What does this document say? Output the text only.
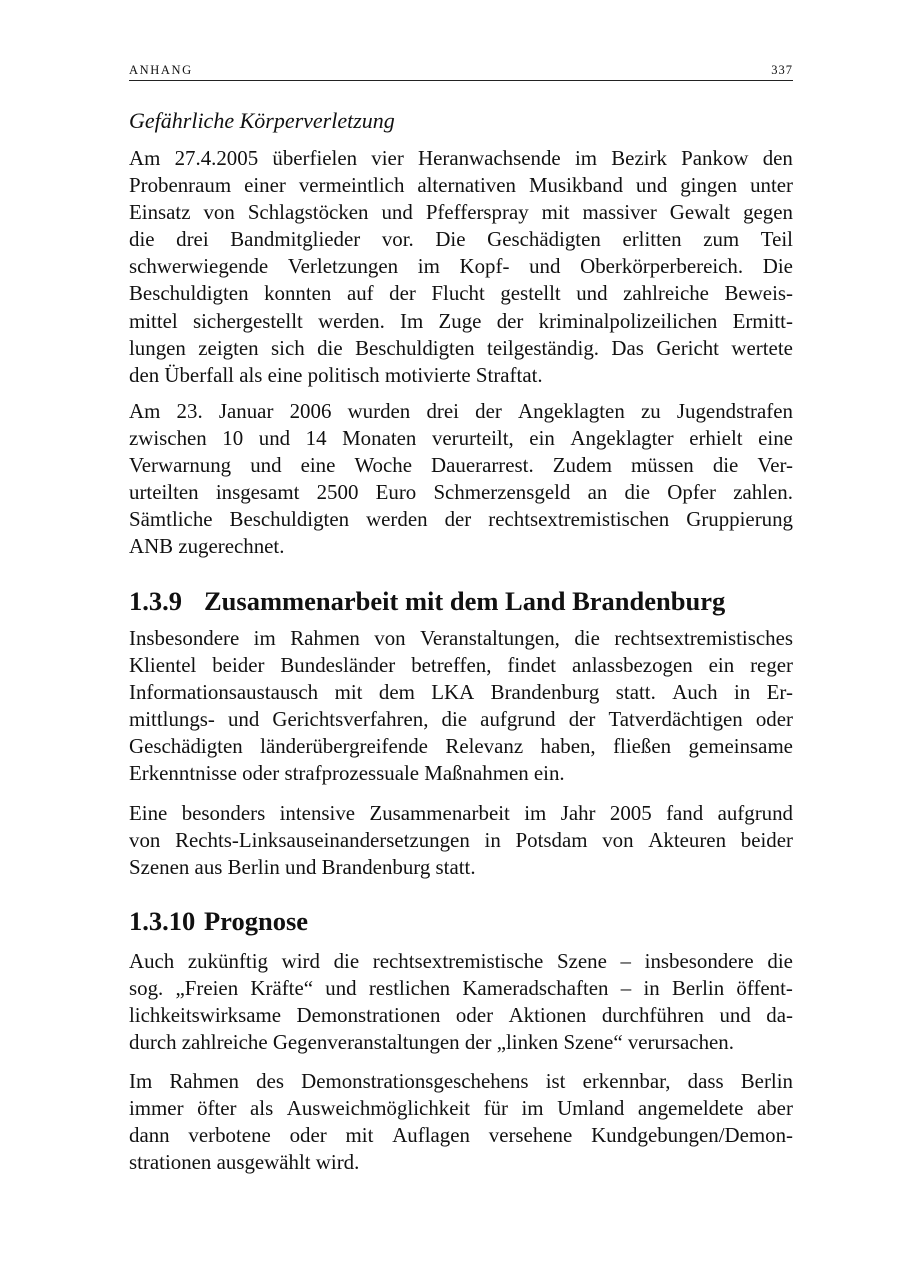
ANHANG	337
Gefährliche Körperverletzung
Am 27.4.2005 überfielen vier Heranwachsende im Bezirk Pankow den
Probenraum einer vermeintlich alternativen Musikband und gingen unter
Einsatz von Schlagstöcken und Pfefferspray mit massiver Gewalt gegen
die drei Bandmitglieder vor. Die Geschädigten erlitten zum Teil
schwerwiegende Verletzungen im Kopf- und Oberkörperbereich. Die
Beschuldigten konnten auf der Flucht gestellt und zahlreiche Beweis-
mittel sichergestellt werden. Im Zuge der kriminalpolizeilichen Ermitt-
lungen zeigten sich die Beschuldigten teilgeständig. Das Gericht wertete
den Überfall als eine politisch motivierte Straftat.
Am 23. Januar 2006 wurden drei der Angeklagten zu Jugendstrafen
zwischen 10 und 14 Monaten verurteilt, ein Angeklagter erhielt eine
Verwarnung und eine Woche Dauerarrest. Zudem müssen die Ver-
urteilten insgesamt 2500 Euro Schmerzensgeld an die Opfer zahlen.
Sämtliche Beschuldigten werden der rechtsextremistischen Gruppierung
ANB zugerechnet.
1.3.9 Zusammenarbeit mit dem Land Brandenburg
Insbesondere im Rahmen von Veranstaltungen, die rechtsextremistisches
Klientel beider Bundesländer betreffen, findet anlassbezogen ein reger
Informationsaustausch mit dem LKA Brandenburg statt. Auch in Er-
mittlungs- und Gerichtsverfahren, die aufgrund der Tatverdächtigen oder
Geschädigten länderübergreifende Relevanz haben, fließen gemeinsame
Erkenntnisse oder strafprozessuale Maßnahmen ein.
Eine besonders intensive Zusammenarbeit im Jahr 2005 fand aufgrund
von Rechts-Linksauseinandersetzungen in Potsdam von Akteuren beider
Szenen aus Berlin und Brandenburg statt.
1.3.10 Prognose
Auch zukünftig wird die rechtsextremistische Szene – insbesondere die
sog. „Freien Kräfte“ und restlichen Kameradschaften – in Berlin öffent-
lichkeitswirksame Demonstrationen oder Aktionen durchführen und da-
durch zahlreiche Gegenveranstaltungen der „linken Szene“ verursachen.
Im Rahmen des Demonstrationsgeschehens ist erkennbar, dass Berlin
immer öfter als Ausweichmöglichkeit für im Umland angemeldete aber
dann verbotene oder mit Auflagen versehene Kundgebungen/Demon-
strationen ausgewählt wird.
